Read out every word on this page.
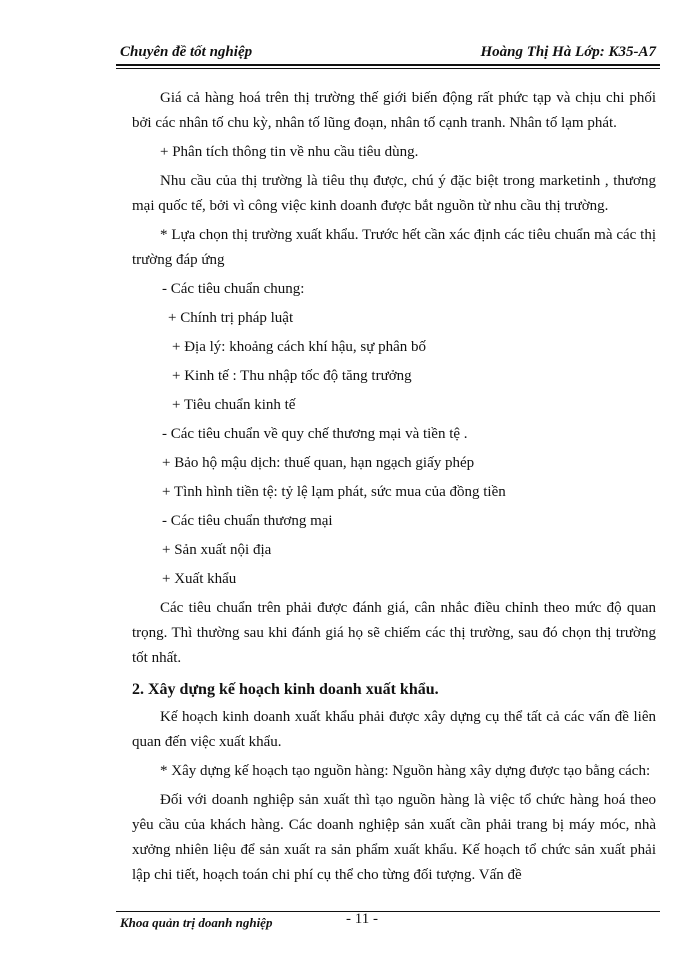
Chuyên đề tốt nghiệp	Hoàng Thị Hà Lớp: K35-A7

Giá cả hàng hoá trên thị trường thế giới biến động rất phức tạp và chịu chi phối bởi các nhân tố chu kỳ, nhân tố lũng đoạn, nhân tố cạnh tranh. Nhân tố lạm phát.

+ Phân tích thông tin về nhu cầu tiêu dùng.

Nhu cầu của thị trường là tiêu thụ được, chú ý đặc biệt trong marketinh , thương mại quốc tế, bởi vì công việc kinh doanh được bắt nguồn từ nhu cầu thị trường.

* Lựa chọn thị trường xuất khẩu. Trước hết cần xác định các tiêu chuẩn mà các thị trường đáp ứng

- Các tiêu chuẩn chung:

+ Chính trị pháp luật

+ Địa lý: khoảng cách khí hậu, sự phân bố

+ Kinh tế : Thu nhập tốc độ tăng trưởng

+ Tiêu chuẩn kinh tế

- Các tiêu chuẩn về quy chế thương mại và tiền tệ .

+ Bảo hộ mậu dịch: thuế quan, hạn ngạch giấy phép

+ Tình hình tiền tệ: tỷ lệ lạm phát, sức mua của đồng tiền

- Các tiêu chuẩn thương mại

+ Sản xuất nội địa

+ Xuất khẩu

Các tiêu chuẩn trên phải được đánh giá, cân nhắc điều chỉnh theo mức độ quan trọng. Thì thường sau khi đánh giá họ sẽ chiếm các thị trường, sau đó chọn thị trường tốt nhất.

2. Xây dựng kế hoạch kinh doanh xuất khẩu.

Kế hoạch kinh doanh xuất khẩu phải được xây dựng cụ thể tất cả các vấn đề liên quan đến việc xuất khẩu.

* Xây dựng kế hoạch tạo nguồn hàng: Nguồn hàng xây dựng được tạo bằng cách:

Đối với doanh nghiệp sản xuất thì tạo nguồn hàng là việc tổ chức hàng hoá theo yêu cầu của khách hàng. Các doanh nghiệp sản xuất cần phải trang bị máy móc, nhà xưởng nhiên liệu để sản xuất ra sản phẩm xuất khẩu. Kế hoạch tổ chức sản xuất phải lập chi tiết, hoạch toán chi phí cụ thể cho từng đối tượng. Vấn đề

Khoa quản trị doanh nghiệp	- 11 -
